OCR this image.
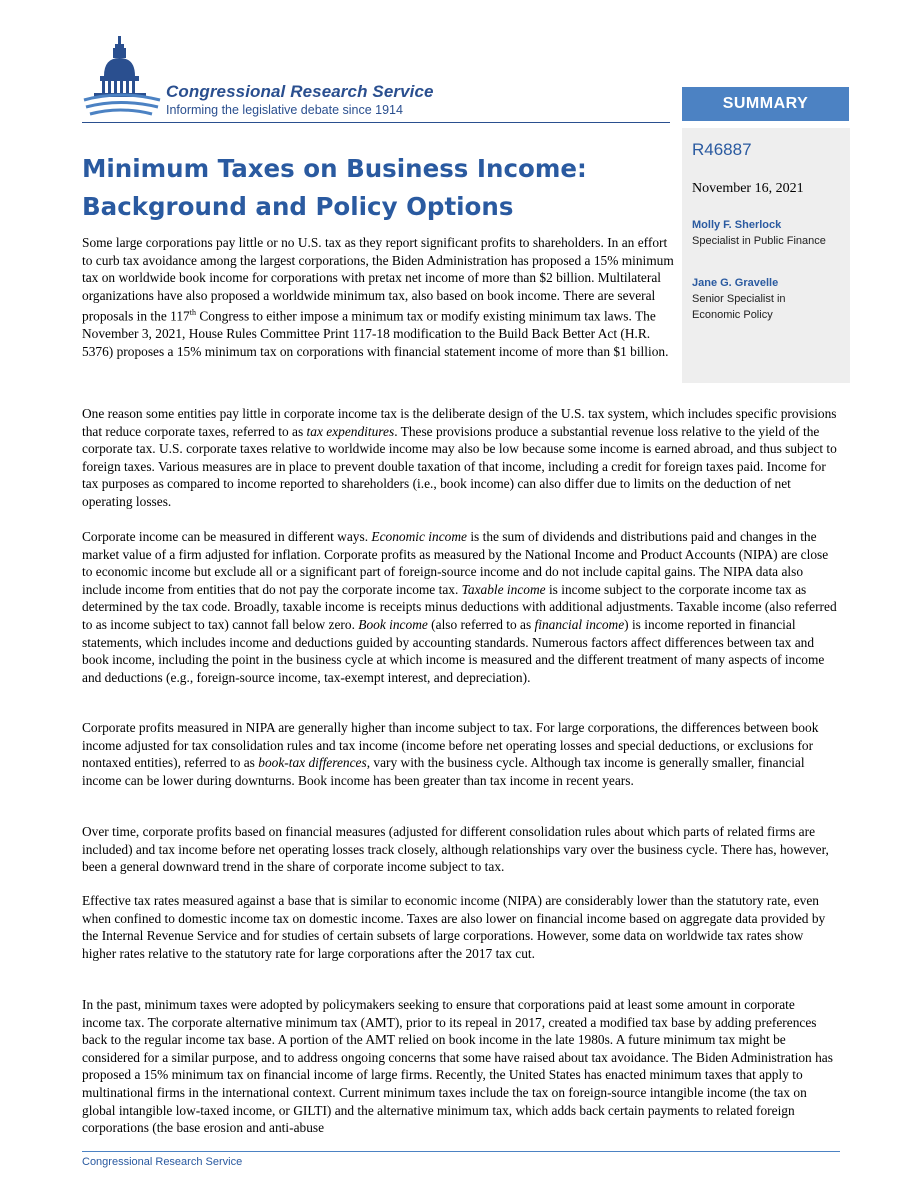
Congressional Research Service
Informing the legislative debate since 1914	SUMMARY
R46887
November 16, 2021
Molly F. Sherlock
Specialist in Public Finance
Jane G. Gravelle
Senior Specialist in Economic Policy
Minimum Taxes on Business Income:
Background and Policy Options
Some large corporations pay little or no U.S. tax as they report significant profits to shareholders. In an effort to curb tax avoidance among the largest corporations, the Biden Administration has proposed a 15% minimum tax on worldwide book income for corporations with pretax net income of more than $2 billion. Multilateral organizations have also proposed a worldwide minimum tax, also based on book income. There are several proposals in the 117th Congress to either impose a minimum tax or modify existing minimum tax laws. The November 3, 2021, House Rules Committee Print 117-18 modification to the Build Back Better Act (H.R. 5376) proposes a 15% minimum tax on corporations with financial statement income of more than $1 billion.
One reason some entities pay little in corporate income tax is the deliberate design of the U.S. tax system, which includes specific provisions that reduce corporate taxes, referred to as tax expenditures. These provisions produce a substantial revenue loss relative to the yield of the corporate tax. U.S. corporate taxes relative to worldwide income may also be low because some income is earned abroad, and thus subject to foreign taxes. Various measures are in place to prevent double taxation of that income, including a credit for foreign taxes paid. Income for tax purposes as compared to income reported to shareholders (i.e., book income) can also differ due to limits on the deduction of net operating losses.
Corporate income can be measured in different ways. Economic income is the sum of dividends and distributions paid and changes in the market value of a firm adjusted for inflation. Corporate profits as measured by the National Income and Product Accounts (NIPA) are close to economic income but exclude all or a significant part of foreign-source income and do not include capital gains. The NIPA data also include income from entities that do not pay the corporate income tax. Taxable income is income subject to the corporate income tax as determined by the tax code. Broadly, taxable income is receipts minus deductions with additional adjustments. Taxable income (also referred to as income subject to tax) cannot fall below zero. Book income (also referred to as financial income) is income reported in financial statements, which includes income and deductions guided by accounting standards. Numerous factors affect differences between tax and book income, including the point in the business cycle at which income is measured and the different treatment of many aspects of income and deductions (e.g., foreign-source income, tax-exempt interest, and depreciation).
Corporate profits measured in NIPA are generally higher than income subject to tax. For large corporations, the differences between book income adjusted for tax consolidation rules and tax income (income before net operating losses and special deductions, or exclusions for nontaxed entities), referred to as book-tax differences, vary with the business cycle. Although tax income is generally smaller, financial income can be lower during downturns. Book income has been greater than tax income in recent years.
Over time, corporate profits based on financial measures (adjusted for different consolidation rules about which parts of related firms are included) and tax income before net operating losses track closely, although relationships vary over the business cycle. There has, however, been a general downward trend in the share of corporate income subject to tax.
Effective tax rates measured against a base that is similar to economic income (NIPA) are considerably lower than the statutory rate, even when confined to domestic income tax on domestic income. Taxes are also lower on financial income based on aggregate data provided by the Internal Revenue Service and for studies of certain subsets of large corporations. However, some data on worldwide tax rates show higher rates relative to the statutory rate for large corporations after the 2017 tax cut.
In the past, minimum taxes were adopted by policymakers seeking to ensure that corporations paid at least some amount in corporate income tax. The corporate alternative minimum tax (AMT), prior to its repeal in 2017, created a modified tax base by adding preferences back to the regular income tax base. A portion of the AMT relied on book income in the late 1980s. A future minimum tax might be considered for a similar purpose, and to address ongoing concerns that some have raised about tax avoidance. The Biden Administration has proposed a 15% minimum tax on financial income of large firms. Recently, the United States has enacted minimum taxes that apply to multinational firms in the international context. Current minimum taxes include the tax on foreign-source intangible income (the tax on global intangible low-taxed income, or GILTI) and the alternative minimum tax, which adds back certain payments to related foreign corporations (the base erosion and anti-abuse
Congressional Research Service
